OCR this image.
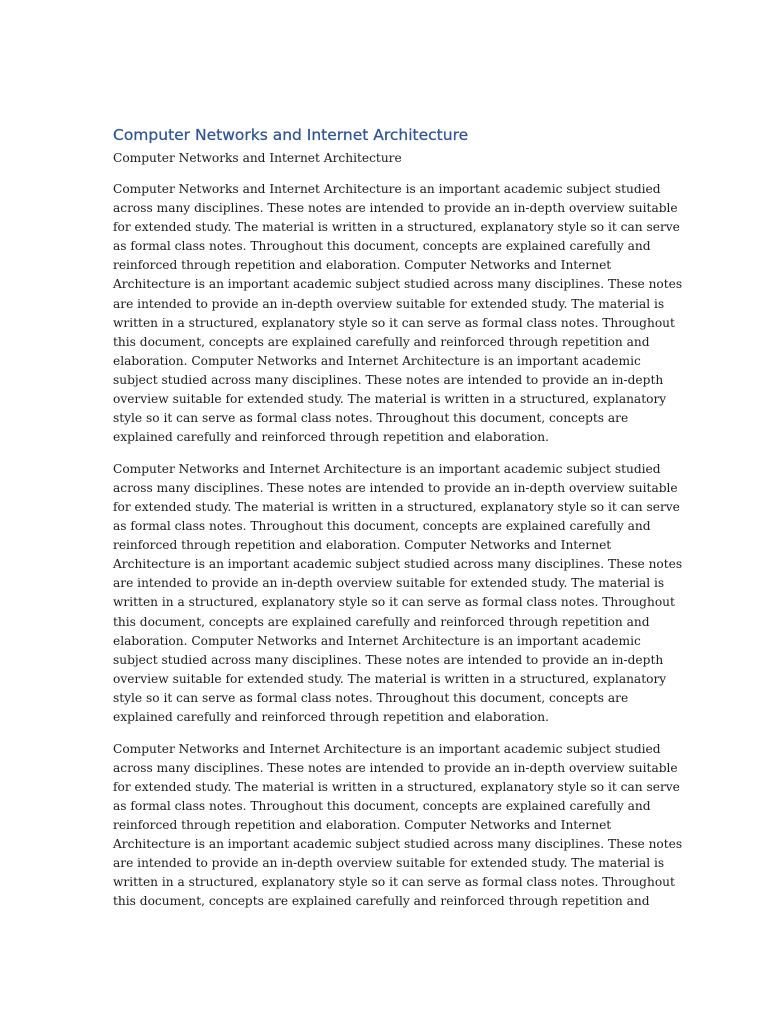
Computer Networks and Internet Architecture
Computer Networks and Internet Architecture
Computer Networks and Internet Architecture is an important academic subject studied
across many disciplines. These notes are intended to provide an in-depth overview suitable
for extended study. The material is written in a structured, explanatory style so it can serve
as formal class notes. Throughout this document, concepts are explained carefully and
reinforced through repetition and elaboration. Computer Networks and Internet
Architecture is an important academic subject studied across many disciplines. These notes
are intended to provide an in-depth overview suitable for extended study. The material is
written in a structured, explanatory style so it can serve as formal class notes. Throughout
this document, concepts are explained carefully and reinforced through repetition and
elaboration. Computer Networks and Internet Architecture is an important academic
subject studied across many disciplines. These notes are intended to provide an in-depth
overview suitable for extended study. The material is written in a structured, explanatory
style so it can serve as formal class notes. Throughout this document, concepts are
explained carefully and reinforced through repetition and elaboration.
Computer Networks and Internet Architecture is an important academic subject studied
across many disciplines. These notes are intended to provide an in-depth overview suitable
for extended study. The material is written in a structured, explanatory style so it can serve
as formal class notes. Throughout this document, concepts are explained carefully and
reinforced through repetition and elaboration. Computer Networks and Internet
Architecture is an important academic subject studied across many disciplines. These notes
are intended to provide an in-depth overview suitable for extended study. The material is
written in a structured, explanatory style so it can serve as formal class notes. Throughout
this document, concepts are explained carefully and reinforced through repetition and
elaboration. Computer Networks and Internet Architecture is an important academic
subject studied across many disciplines. These notes are intended to provide an in-depth
overview suitable for extended study. The material is written in a structured, explanatory
style so it can serve as formal class notes. Throughout this document, concepts are
explained carefully and reinforced through repetition and elaboration.
Computer Networks and Internet Architecture is an important academic subject studied
across many disciplines. These notes are intended to provide an in-depth overview suitable
for extended study. The material is written in a structured, explanatory style so it can serve
as formal class notes. Throughout this document, concepts are explained carefully and
reinforced through repetition and elaboration. Computer Networks and Internet
Architecture is an important academic subject studied across many disciplines. These notes
are intended to provide an in-depth overview suitable for extended study. The material is
written in a structured, explanatory style so it can serve as formal class notes. Throughout
this document, concepts are explained carefully and reinforced through repetition and
